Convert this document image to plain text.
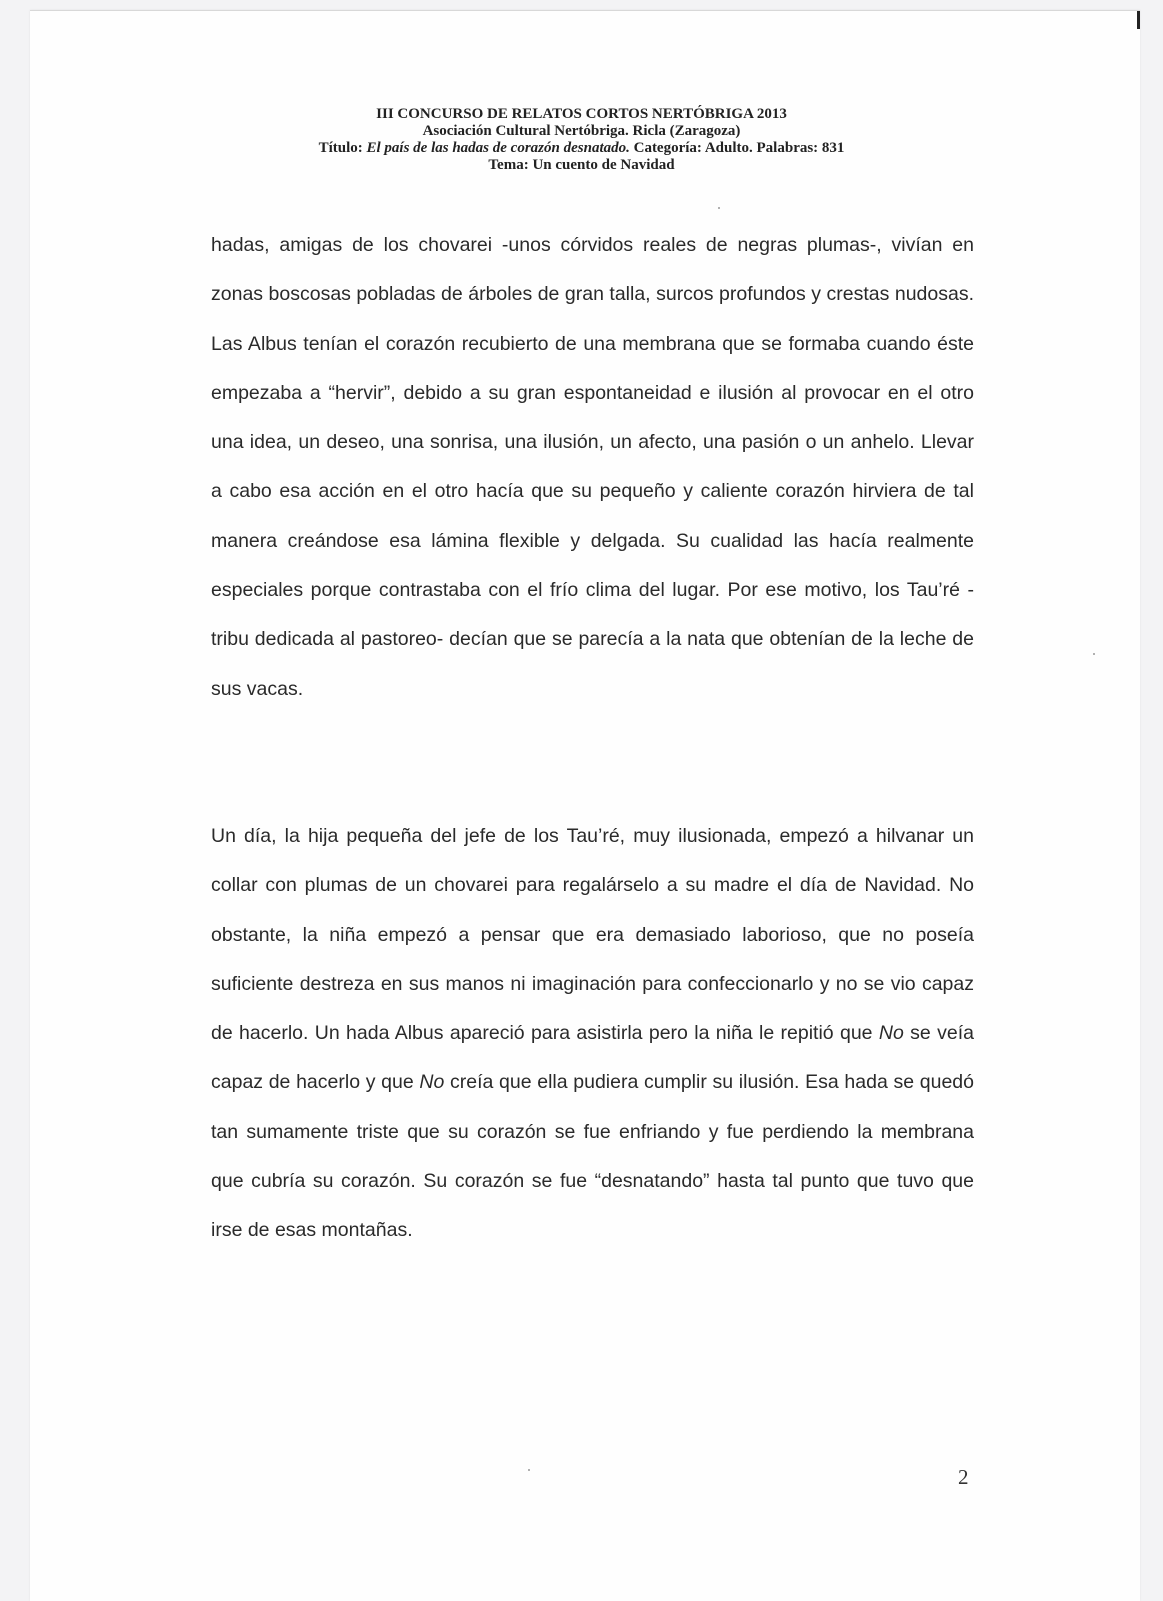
III CONCURSO DE RELATOS CORTOS NERTÓBRIGA 2013
Asociación Cultural Nertóbriga. Ricla (Zaragoza)
Título: El país de las hadas de corazón desnatado. Categoría: Adulto. Palabras: 831
Tema: Un cuento de Navidad

hadas, amigas de los chovarei -unos córvidos reales de negras plumas-, vivían en zonas boscosas pobladas de árboles de gran talla, surcos profundos y crestas nudosas. Las Albus tenían el corazón recubierto de una membrana que se formaba cuando éste empezaba a “hervir”, debido a su gran espontaneidad e ilusión al provocar en el otro una idea, un deseo, una sonrisa, una ilusión, un afecto, una pasión o un anhelo. Llevar a cabo esa acción en el otro hacía que su pequeño y caliente corazón hirviera de tal manera creándose esa lámina flexible y delgada. Su cualidad las hacía realmente especiales porque contrastaba con el frío clima del lugar. Por ese motivo, los Tau’ré -tribu dedicada al pastoreo- decían que se parecía a la nata que obtenían de la leche de sus vacas.

Un día, la hija pequeña del jefe de los Tau’ré, muy ilusionada, empezó a hilvanar un collar con plumas de un chovarei para regalárselo a su madre el día de Navidad. No obstante, la niña empezó a pensar que era demasiado laborioso, que no poseía suficiente destreza en sus manos ni imaginación para confeccionarlo y no se vio capaz de hacerlo. Un hada Albus apareció para asistirla pero la niña le repitió que No se veía capaz de hacerlo y que No creía que ella pudiera cumplir su ilusión. Esa hada se quedó tan sumamente triste que su corazón se fue enfriando y fue perdiendo la membrana que cubría su corazón. Su corazón se fue “desnatando” hasta tal punto que tuvo que irse de esas montañas.

2
